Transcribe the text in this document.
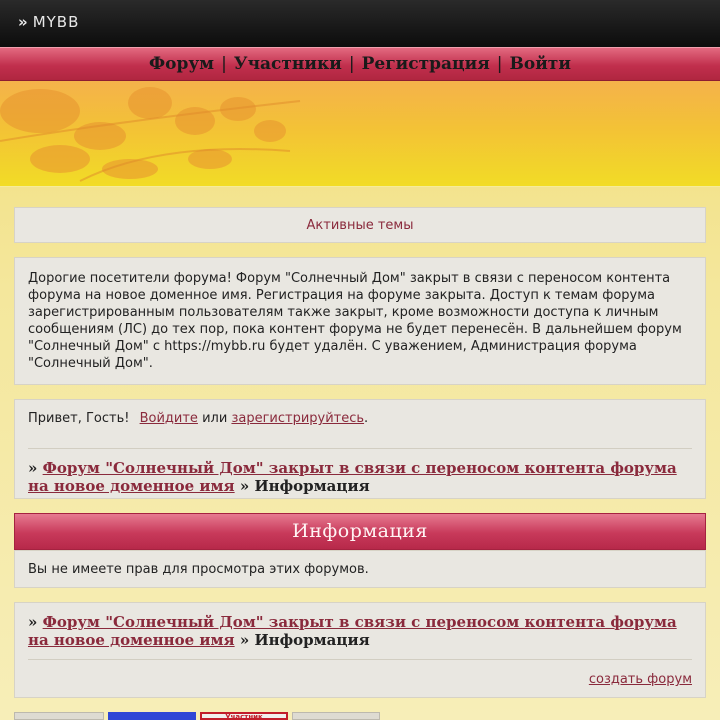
» MYBB
Форум | Участники | Регистрация | Войти
Активные темы
Дорогие посетители форума! Форум "Солнечный Дом" закрыт в связи с переносом контента форума на новое доменное имя. Регистрация на форуме закрыта. Доступ к темам форума зарегистрированным пользователям также закрыт, кроме возможности доступа к личным сообщениям (ЛС) до тех пор, пока контент форума не будет перенесён. В дальнейшем форум "Солнечный Дом" с https://mybb.ru будет удалён. С уважением, Администрация форума "Солнечный Дом".
Привет, Гость! Войдите или зарегистрируйтесь.
» Форум "Солнечный Дом" закрыт в связи с переносом контента форума на новое доменное имя » Информация
Информация
Вы не имеете прав для просмотра этих форумов.
» Форум "Солнечный Дом" закрыт в связи с переносом контента форума на новое доменное имя » Информация
создать форум
Участник
